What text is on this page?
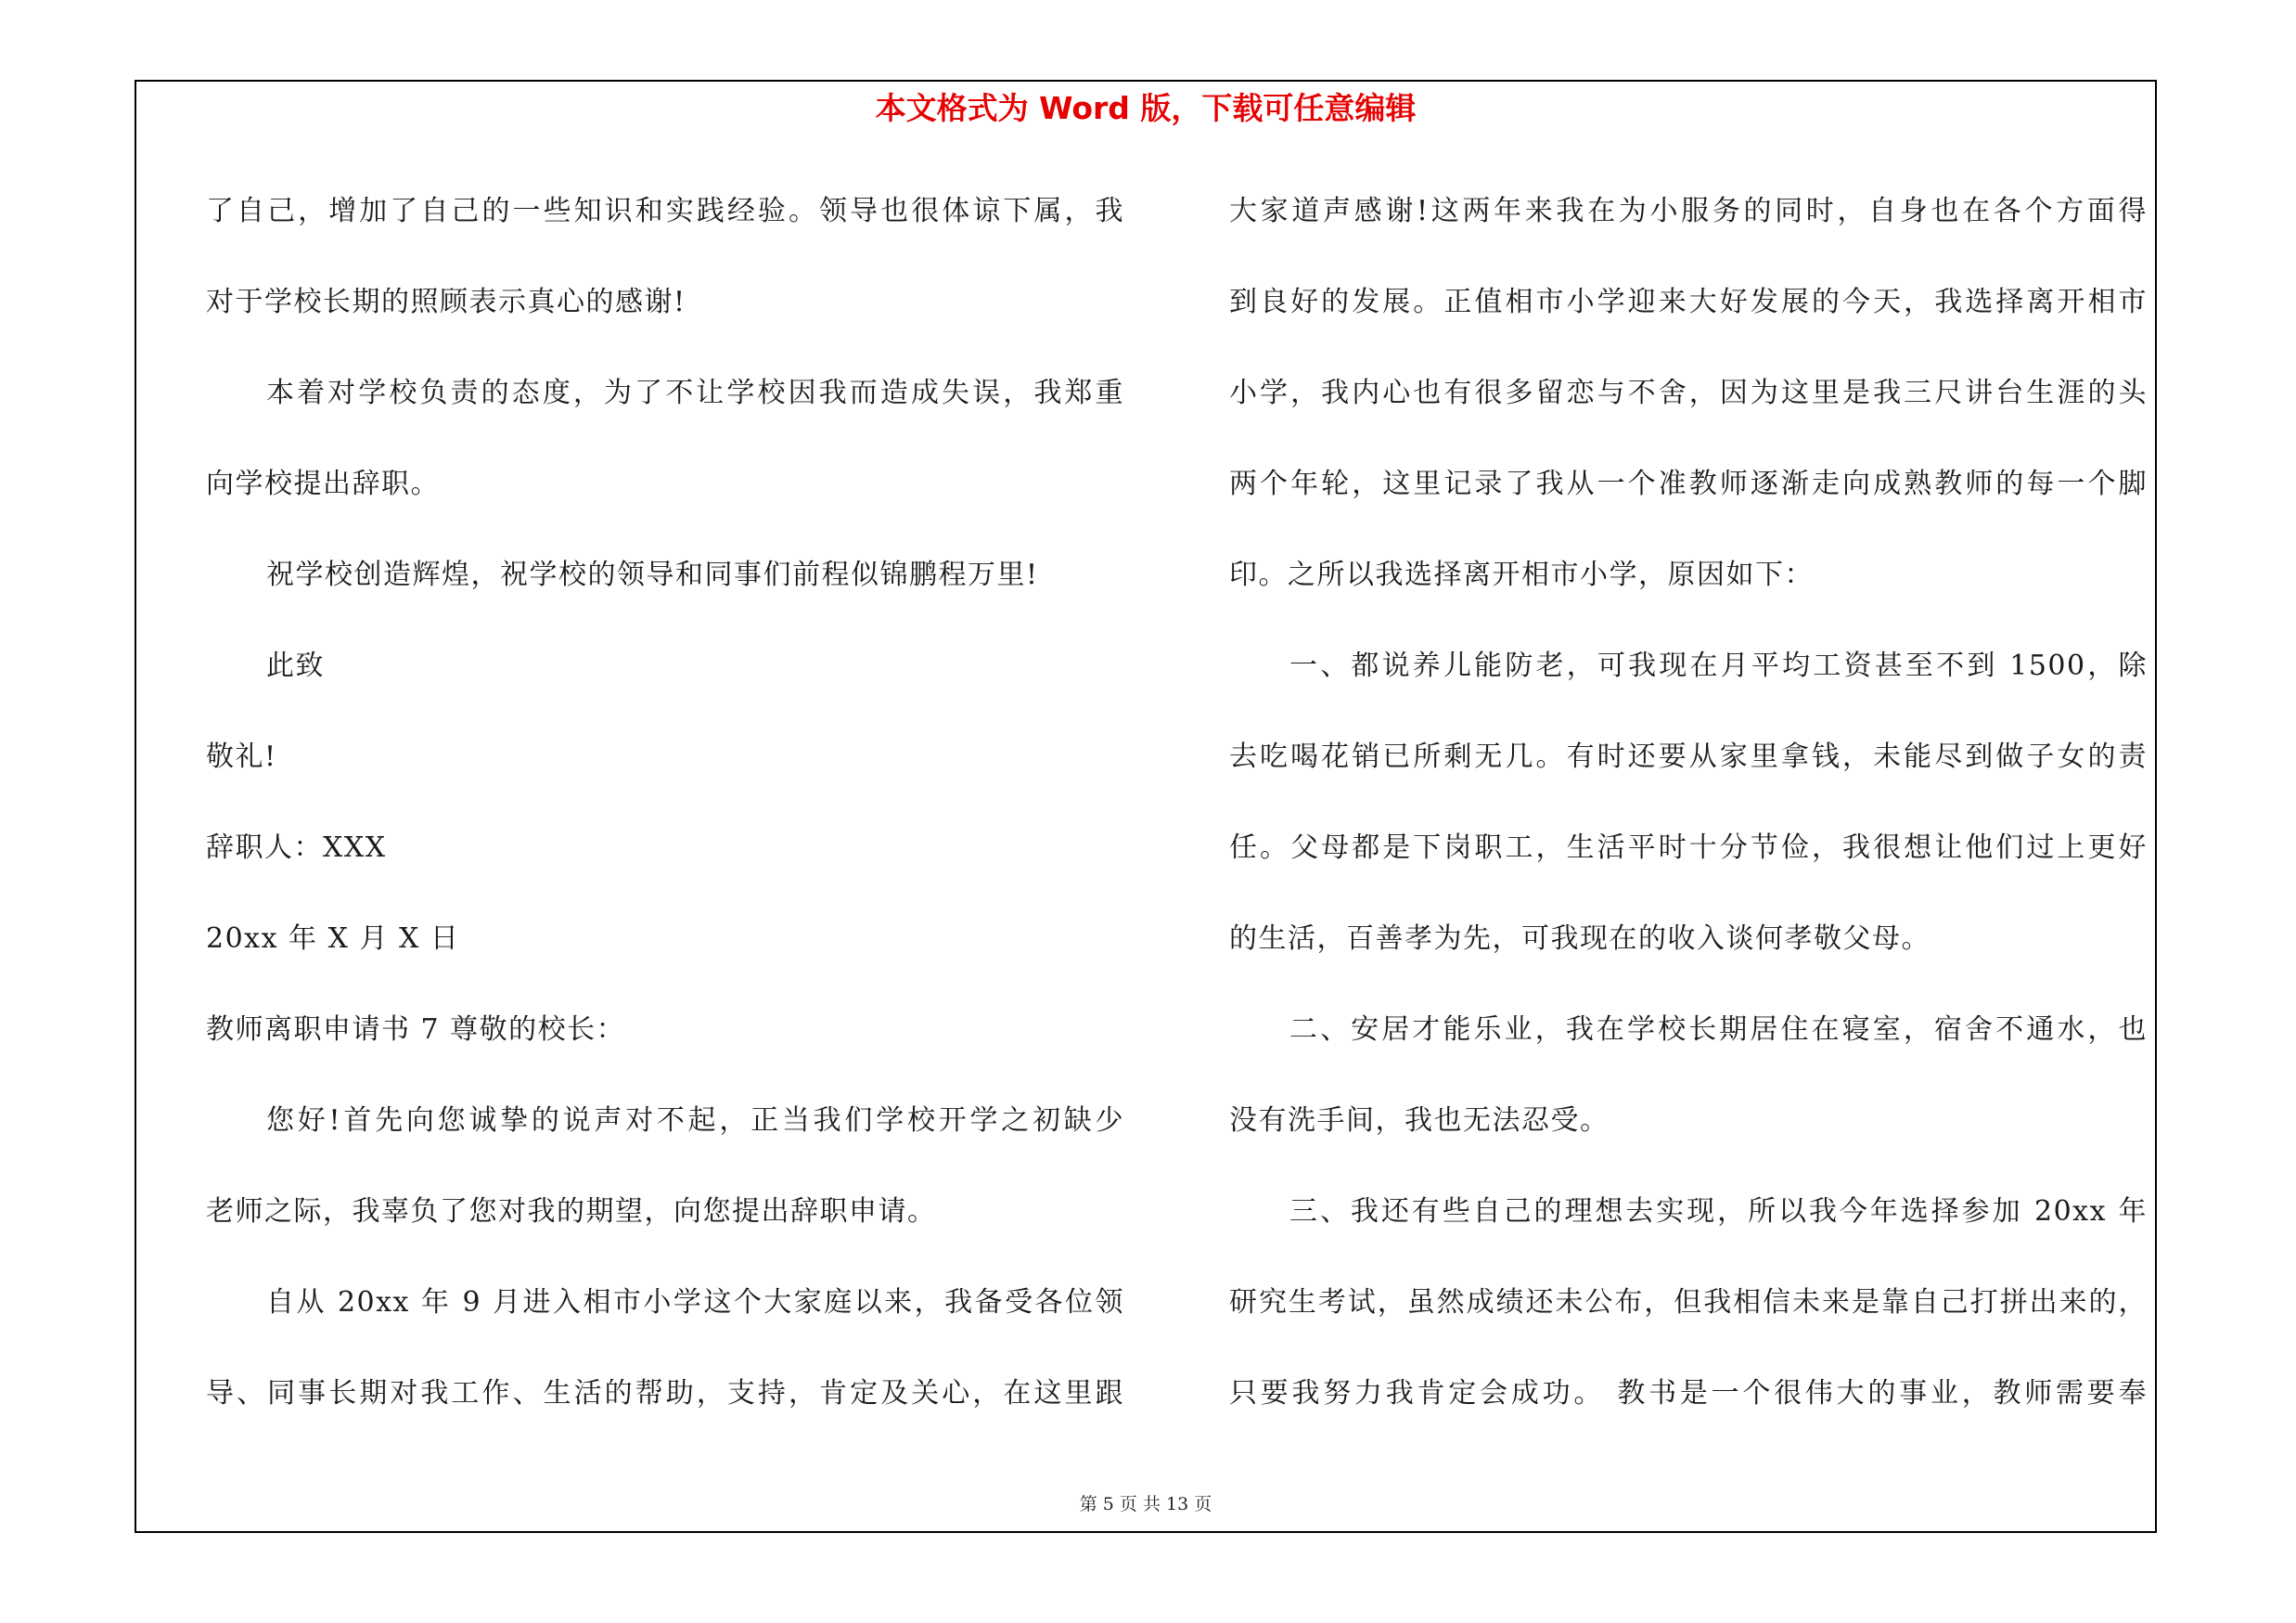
本文格式为 Word 版，下载可任意编辑
了自己，增加了自己的一些知识和实践经验。领导也很体谅下属，我
对于学校长期的照顾表示真心的感谢!
本着对学校负责的态度，为了不让学校因我而造成失误，我郑重
向学校提出辞职。
祝学校创造辉煌，祝学校的领导和同事们前程似锦鹏程万里!
此致
敬礼!
辞职人：XXX
20xx 年 X 月 X 日
教师离职申请书 7 尊敬的校长：
您好!首先向您诚挚的说声对不起，正当我们学校开学之初缺少
老师之际，我辜负了您对我的期望，向您提出辞职申请。
自从 20xx 年 9 月进入相市小学这个大家庭以来，我备受各位领
导、同事长期对我工作、生活的帮助，支持，肯定及关心，在这里跟
大家道声感谢!这两年来我在为小服务的同时，自身也在各个方面得
到良好的发展。正值相市小学迎来大好发展的今天，我选择离开相市
小学，我内心也有很多留恋与不舍，因为这里是我三尺讲台生涯的头
两个年轮，这里记录了我从一个准教师逐渐走向成熟教师的每一个脚
印。之所以我选择离开相市小学，原因如下：
一、都说养儿能防老，可我现在月平均工资甚至不到 1500，除
去吃喝花销已所剩无几。有时还要从家里拿钱，未能尽到做子女的责
任。父母都是下岗职工，生活平时十分节俭，我很想让他们过上更好
的生活，百善孝为先，可我现在的收入谈何孝敬父母。
二、安居才能乐业，我在学校长期居住在寝室，宿舍不通水，也
没有洗手间，我也无法忍受。
三、我还有些自己的理想去实现，所以我今年选择参加 20xx 年
研究生考试，虽然成绩还未公布，但我相信未来是靠自己打拼出来的，
只要我努力我肯定会成功。 教书是一个很伟大的事业，教师需要奉
第 5 页 共 13 页
